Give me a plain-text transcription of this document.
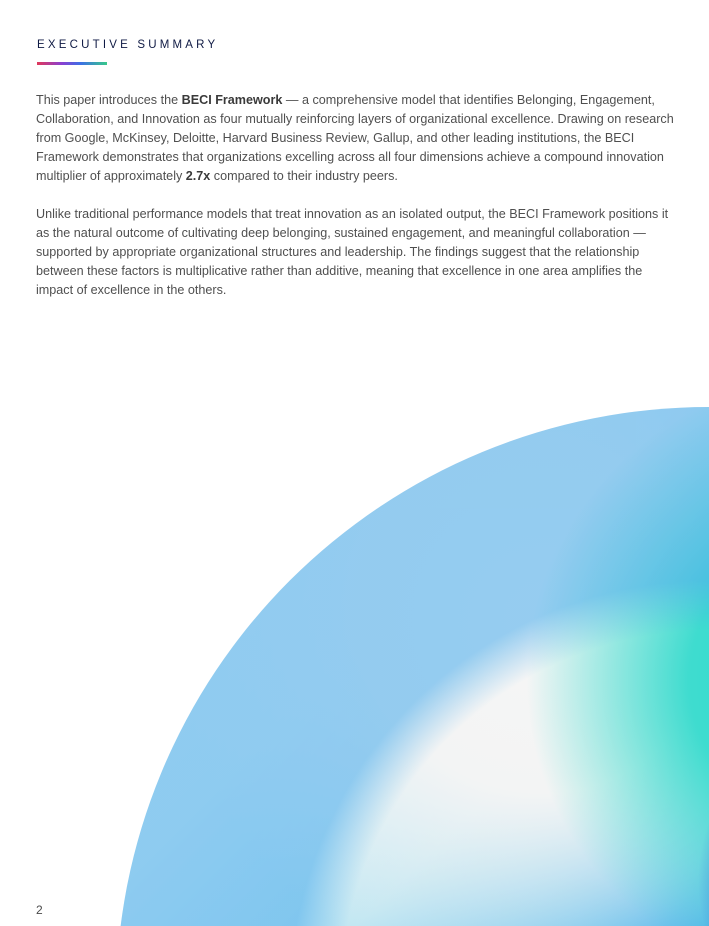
EXECUTIVE SUMMARY

This paper introduces the BECI Framework — a comprehensive model that identifies Belonging, Engagement, Collaboration, and Innovation as four mutually reinforcing layers of organizational excellence. Drawing on research from Google, McKinsey, Deloitte, Harvard Business Review, Gallup, and other leading institutions, the BECI Framework demonstrates that organizations excelling across all four dimensions achieve a compound innovation multiplier of approximately 2.7x compared to their industry peers.

Unlike traditional performance models that treat innovation as an isolated output, the BECI Framework positions it as the natural outcome of cultivating deep belonging, sustained engagement, and meaningful collaboration — supported by appropriate organizational structures and leadership. The findings suggest that the relationship between these factors is multiplicative rather than additive, meaning that excellence in one area amplifies the impact of excellence in the others.

2
